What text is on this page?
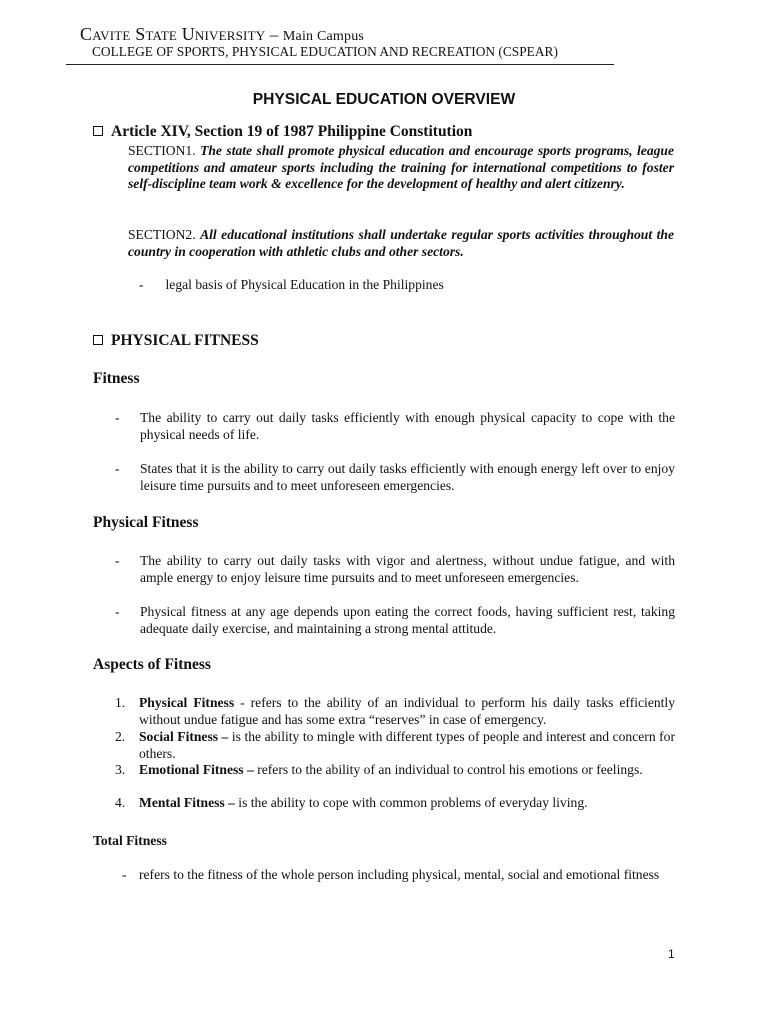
Cavite State University – Main Campus
COLLEGE OF SPORTS, PHYSICAL EDUCATION AND RECREATION (CSPEAR)
PHYSICAL EDUCATION OVERVIEW
Article XIV, Section 19 of 1987 Philippine Constitution
SECTION1. The state shall promote physical education and encourage sports programs, league competitions and amateur sports including the training for international competitions to foster self-discipline team work & excellence for the development of healthy and alert citizenry.
SECTION2. All educational institutions shall undertake regular sports activities throughout the country in cooperation with athletic clubs and other sectors.
- legal basis of Physical Education in the Philippines
PHYSICAL FITNESS
Fitness
- The ability to carry out daily tasks efficiently with enough physical capacity to cope with the physical needs of life.
- States that it is the ability to carry out daily tasks efficiently with enough energy left over to enjoy leisure time pursuits and to meet unforeseen emergencies.
Physical Fitness
- The ability to carry out daily tasks with vigor and alertness, without undue fatigue, and with ample energy to enjoy leisure time pursuits and to meet unforeseen emergencies.
- Physical fitness at any age depends upon eating the correct foods, having sufficient rest, taking adequate daily exercise, and maintaining a strong mental attitude.
Aspects of Fitness
1. Physical Fitness - refers to the ability of an individual to perform his daily tasks efficiently without undue fatigue and has some extra “reserves” in case of emergency.
2. Social Fitness – is the ability to mingle with different types of people and interest and concern for others.
3. Emotional Fitness – refers to the ability of an individual to control his emotions or feelings.
4. Mental Fitness – is the ability to cope with common problems of everyday living.
Total Fitness
- refers to the fitness of the whole person including physical, mental, social and emotional fitness
1
